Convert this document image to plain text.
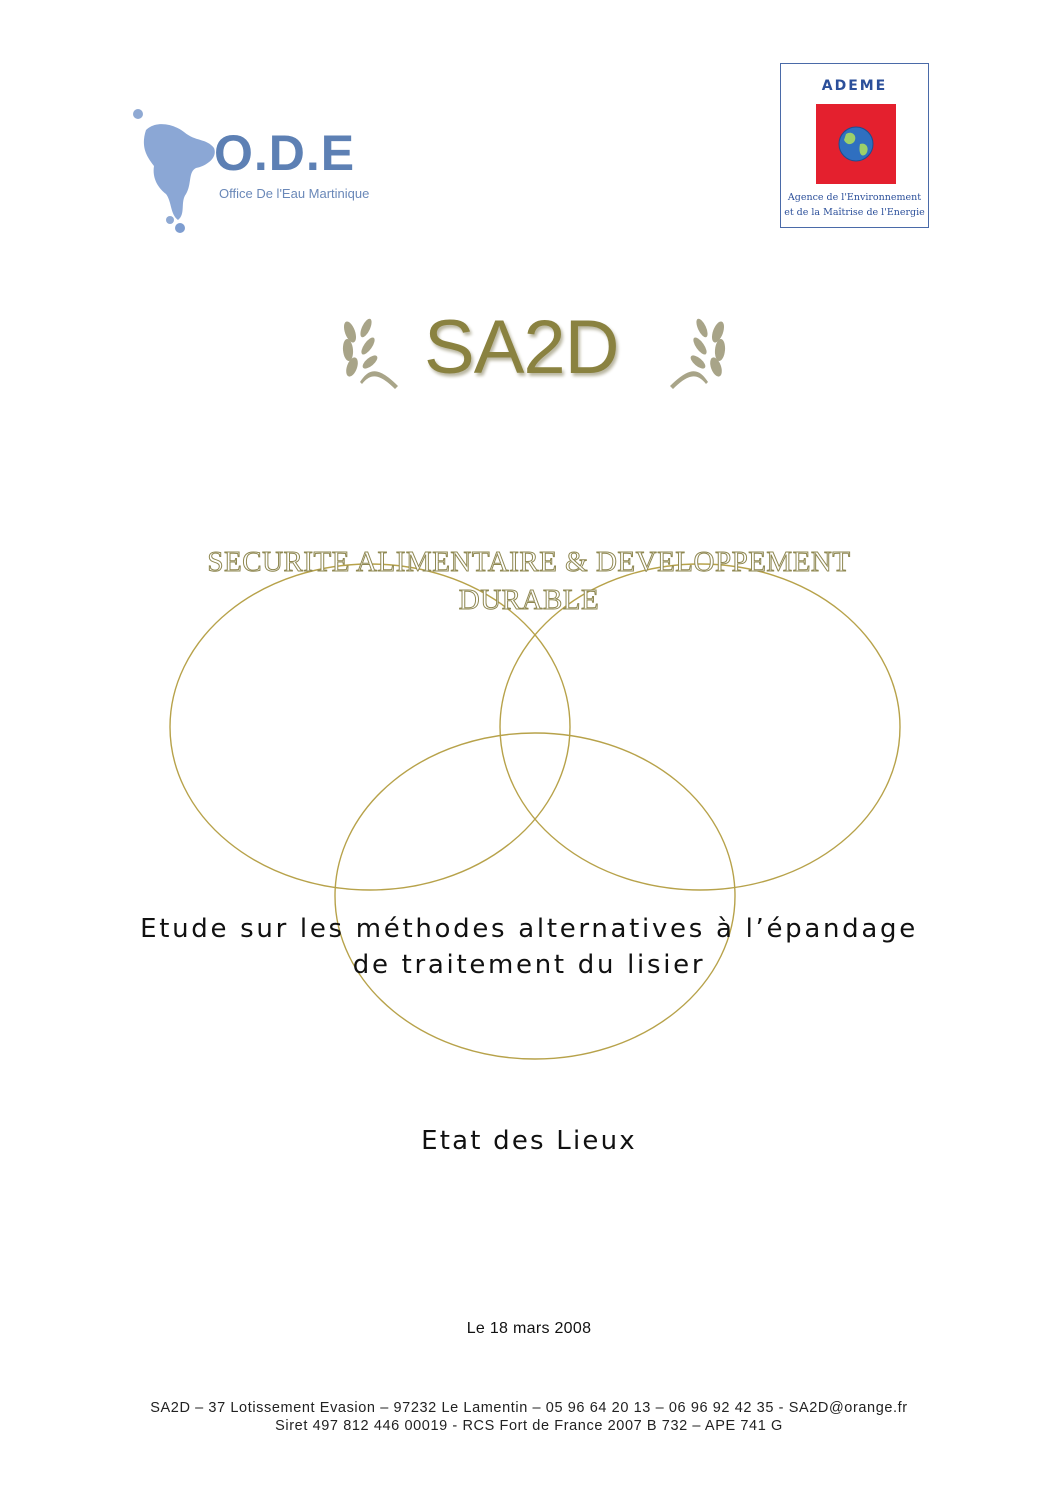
O.D.E
Office De l'Eau Martinique
ADEME
Agence de l'Environnement
et de la Maîtrise de l'Energie
SA2D
SECURITE ALIMENTAIRE & DEVELOPPEMENT
DURABLE
Etude sur les méthodes alternatives à l’épandage
de traitement du lisier
Etat des Lieux
Le 18 mars 2008
SA2D – 37 Lotissement Evasion – 97232 Le Lamentin – 05 96 64 20 13 – 06 96 92 42 35 - SA2D@orange.fr
Siret 497 812 446 00019 - RCS Fort de France 2007 B 732 – APE 741 G
